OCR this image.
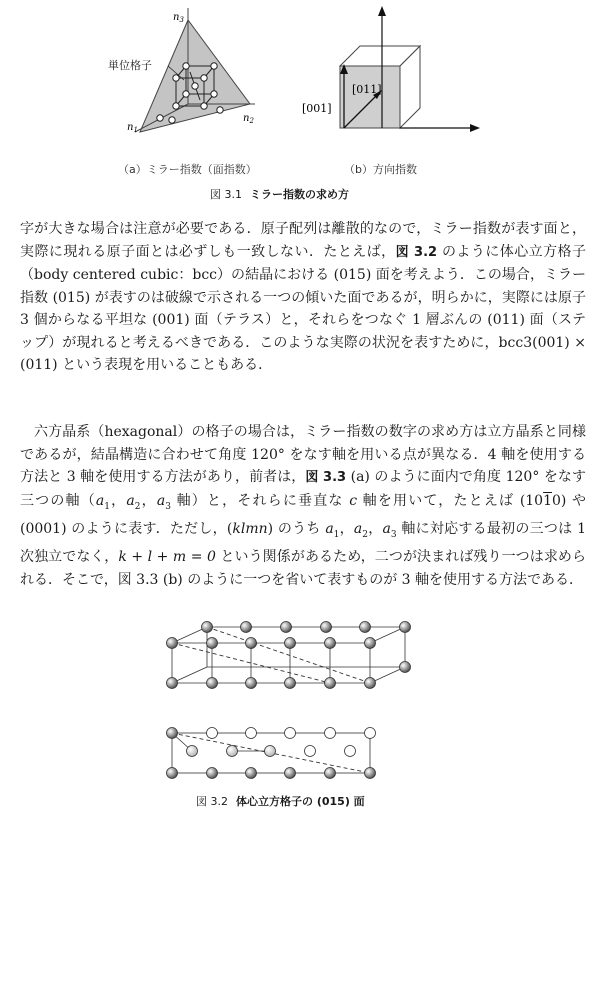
$n_3$
$n_1$
$n_2$
単位格子
（a）ミラー指数（面指数）
[011]
[001]
（b）方向指数
図 3.1 ミラー指数の求め方
字が大きな場合は注意が必要である．原子配列は離散的なので，ミラー指数が表す面と，実際に現れる原子面とは必ずしも一致しない．たとえば，図 3.2 のように体心立方格子（body centered cubic：bcc）の結晶における (015) 面を考えよう．この場合，ミラー指数 (015) が表すのは破線で示される一つの傾いた面であるが，明らかに，実際には原子 3 個からなる平坦な (001) 面（テラス）と，それらをつなぐ 1 層ぶんの (011) 面（ステップ）が現れると考えるべきである．このような実際の状況を表すために，bcc3(001) × (011) という表現を用いることもある．
六方晶系（hexagonal）の格子の場合は，ミラー指数の数字の求め方は立方晶系と同様であるが，結晶構造に合わせて角度 120° をなす軸を用いる点が異なる．4 軸を使用する方法と 3 軸を使用する方法があり，前者は，図 3.3 (a) のように面内で角度 120° をなす三つの軸（$a_1$，$a_2$，$a_3$ 軸）と，それらに垂直な c 軸を用いて，たとえば (1010) や (0001) のように表す．ただし，(klmn) のうち $a_1$，$a_2$，$a_3$ 軸に対応する最初の三つは 1 次独立でなく，k + l + m = 0 という関係があるため，二つが決まれば残り一つは求められる．そこで，図 3.3 (b) のように一つを省いて表すものが 3 軸を使用する方法である．
図 3.2 体心立方格子の (015) 面
